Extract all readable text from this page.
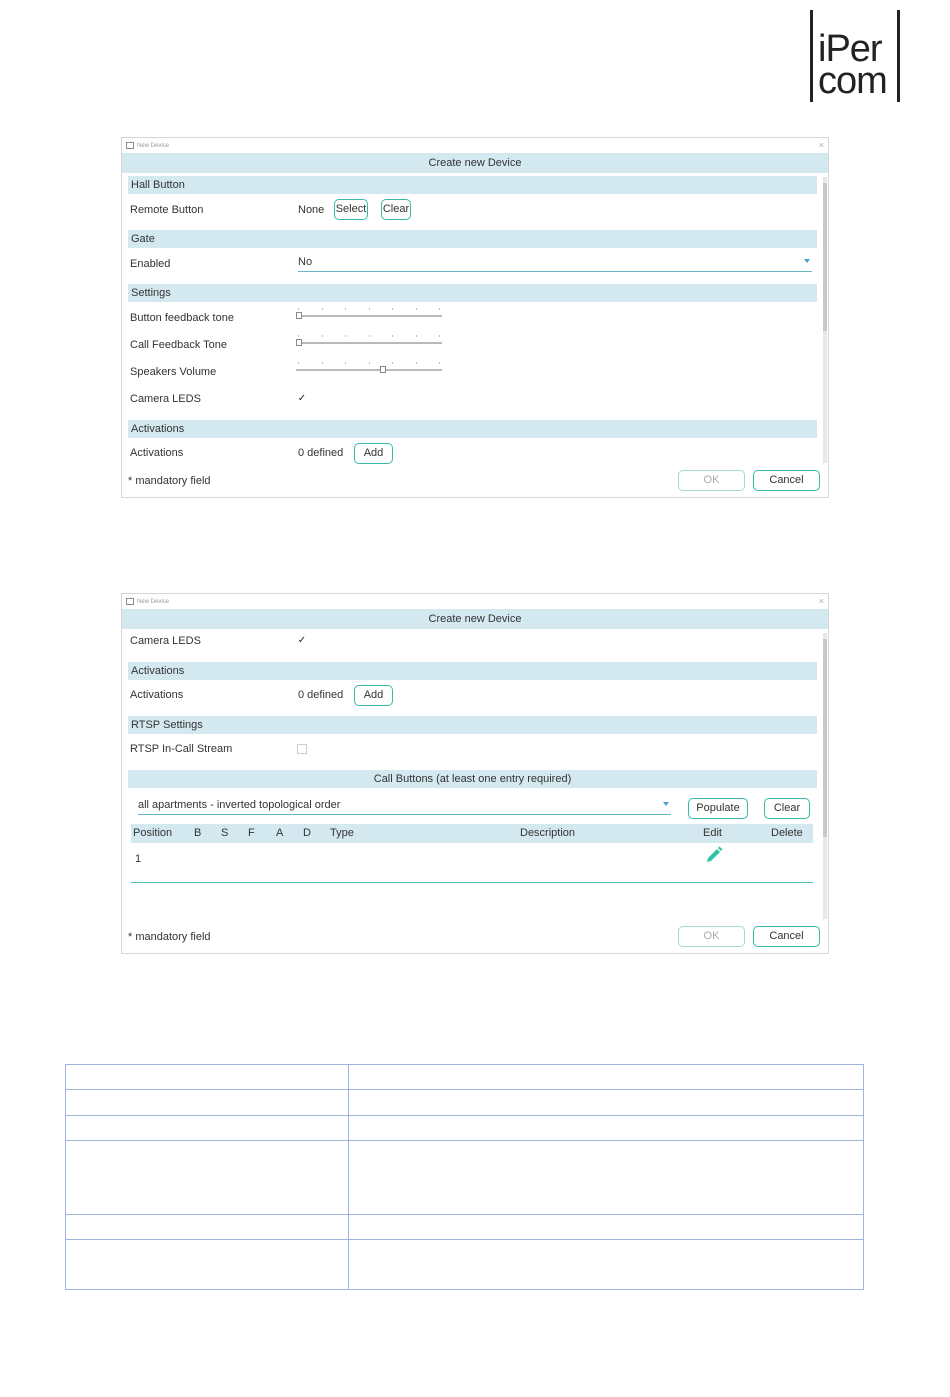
iPer
com
New Device	×
Create new Device
Hall Button
Remote Button	None Select Clear
Gate
Enabled	No
Settings
Button feedback tone
Call Feedback Tone
Speakers Volume
Camera LEDS	✓
Activations
Activations	0 defined	Add
* mandatory field	OK	Cancel
New Device	×
Create new Device
Camera LEDS	✓
Activations
Activations	0 defined	Add
RTSP Settings
RTSP In-Call Stream
Call Buttons (at least one entry required)
all apartments - inverted topological order	Populate	Clear
Position B S F A D Type	Description	Edit	Delete
1
* mandatory field	OK	Cancel
